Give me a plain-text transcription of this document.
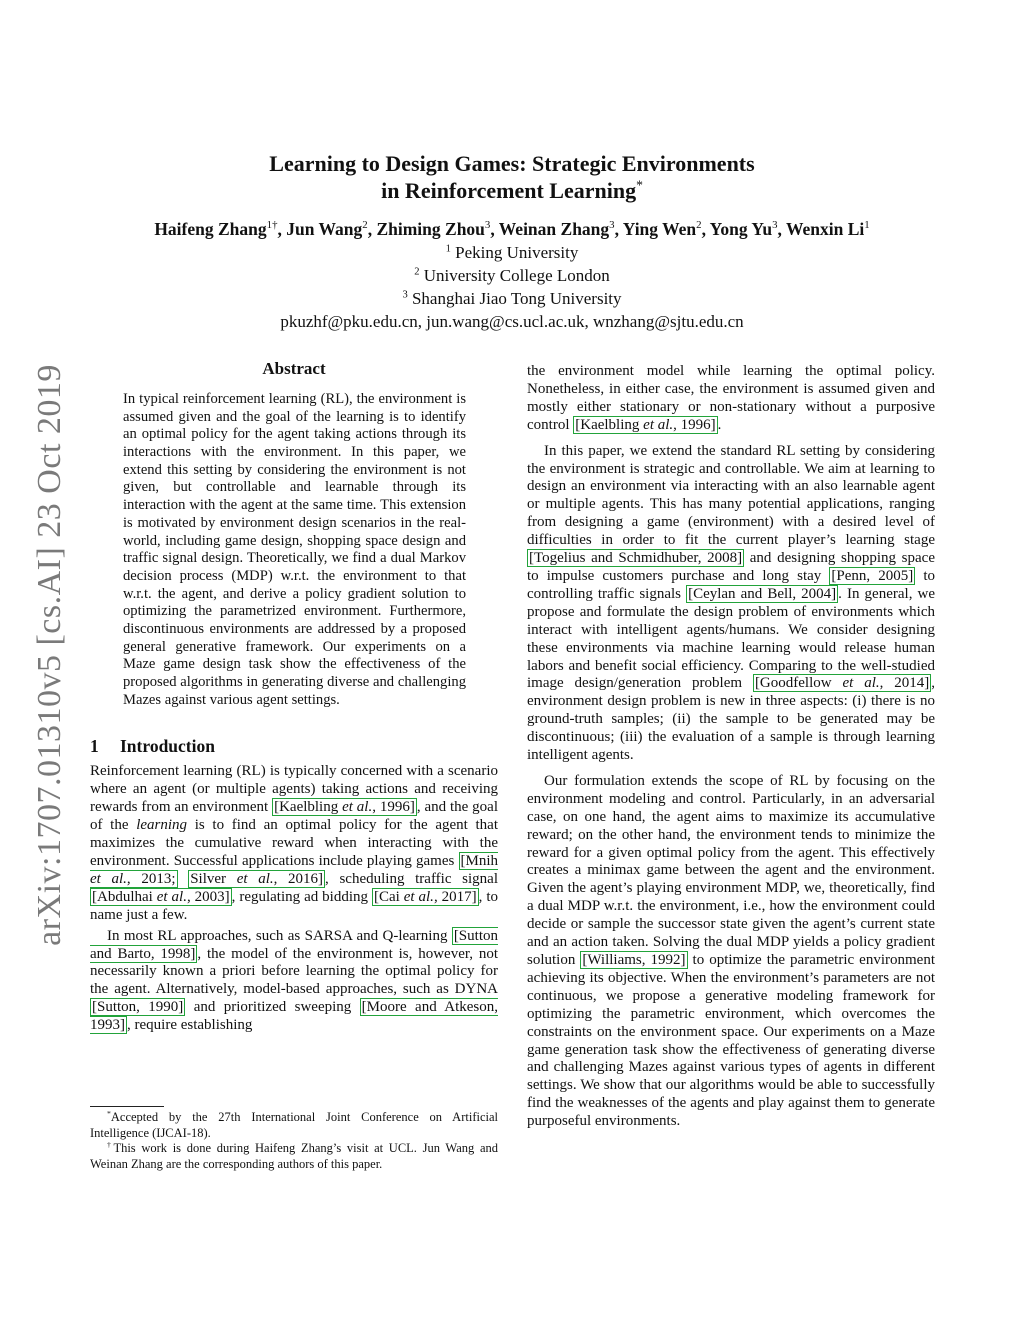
arXiv:1707.01310v5 [cs.AI] 23 Oct 2019
Learning to Design Games: Strategic Environments
in Reinforcement Learning*
Haifeng Zhang$^{1\dagger}$, Jun Wang$^2$, Zhiming Zhou$^3$, Weinan Zhang$^3$, Ying Wen$^2$, Yong Yu$^3$, Wenxin Li$^1$
$^1$ Peking University
$^2$ University College London
$^3$ Shanghai Jiao Tong University
pkuzhf@pku.edu.cn, jun.wang@cs.ucl.ac.uk, wnzhang@sjtu.edu.cn
Abstract

In typical reinforcement learning (RL), the environment is assumed given and the goal of the learning is to identify an optimal policy for the agent taking actions through its interactions with the environment. In this paper, we extend this setting by considering the environment is not given, but controllable and learnable through its interaction with the agent at the same time. This extension is motivated by environment design scenarios in the real-world, including game design, shopping space design and traffic signal design. Theoretically, we find a dual Markov decision process (MDP) w.r.t. the environment to that w.r.t. the agent, and derive a policy gradient solution to optimizing the parametrized environment. Furthermore, discontinuous environments are addressed by a proposed general generative framework. Our experiments on a Maze game design task show the effectiveness of the proposed algorithms in generating diverse and challenging Mazes against various agent settings.

1 Introduction

Reinforcement learning (RL) is typically concerned with a scenario where an agent (or multiple agents) taking actions and receiving rewards from an environment [Kaelbling et al., 1996] , and the goal of the learning is to find an optimal policy for the agent that maximizes the cumulative reward when interacting with the environment. Successful applications include playing games [Mnih et al., 2013; Silver et al., 2016] , scheduling traffic signal [Abdulhai et al., 2003] , regulating ad bidding [Cai et al., 2017] , to name just a few.

In most RL approaches, such as SARSA and Q-learning [Sutton and Barto, 1998] , the model of the environment is, however, not necessarily known a priori before learning the optimal policy for the agent. Alternatively, model-based approaches, such as DYNA [Sutton, 1990] and prioritized sweeping [Moore and Atkeson, 1993] , require establishing

*Accepted by the 27th International Joint Conference on Artificial Intelligence (IJCAI-18).

†This work is done during Haifeng Zhang’s visit at UCL. Jun Wang and Weinan Zhang are the corresponding authors of this paper.

the environment model while learning the optimal policy. Nonetheless, in either case, the environment is assumed given and mostly either stationary or non-stationary without a purposive control [Kaelbling et al., 1996] .

In this paper, we extend the standard RL setting by considering the environment is strategic and controllable. We aim at learning to design an environment via interacting with an also learnable agent or multiple agents. This has many potential applications, ranging from designing a game (environment) with a desired level of difficulties in order to fit the current player’s learning stage [Togelius and Schmidhuber, 2008] and designing shopping space to impulse customers purchase and long stay [Penn, 2005] to controlling traffic signals [Ceylan and Bell, 2004] . In general, we propose and formulate the design problem of environments which interact with intelligent agents/humans. We consider designing these environments via machine learning would release human labors and benefit social efficiency. Comparing to the well-studied image design/generation problem [Goodfellow et al., 2014] , environment design problem is new in three aspects: (i) there is no ground-truth samples; (ii) the sample to be generated may be discontinuous; (iii) the evaluation of a sample is through learning intelligent agents.

Our formulation extends the scope of RL by focusing on the environment modeling and control. Particularly, in an adversarial case, on one hand, the agent aims to maximize its accumulative reward; on the other hand, the environment tends to minimize the reward for a given optimal policy from the agent. This effectively creates a minimax game between the agent and the environment. Given the agent’s playing environment MDP, we, theoretically, find a dual MDP w.r.t. the environment, i.e., how the environment could decide or sample the successor state given the agent’s current state and an action taken. Solving the dual MDP yields a policy gradient solution [Williams, 1992] to optimize the parametric environment achieving its objective. When the environment’s parameters are not continuous, we propose a generative modeling framework for optimizing the parametric environment, which overcomes the constraints on the environment space. Our experiments on a Maze game generation task show the effectiveness of generating diverse and challenging Mazes against various types of agents in different settings. We show that our algorithms would be able to successfully find the weaknesses of the agents and play against them to generate purposeful environments.
